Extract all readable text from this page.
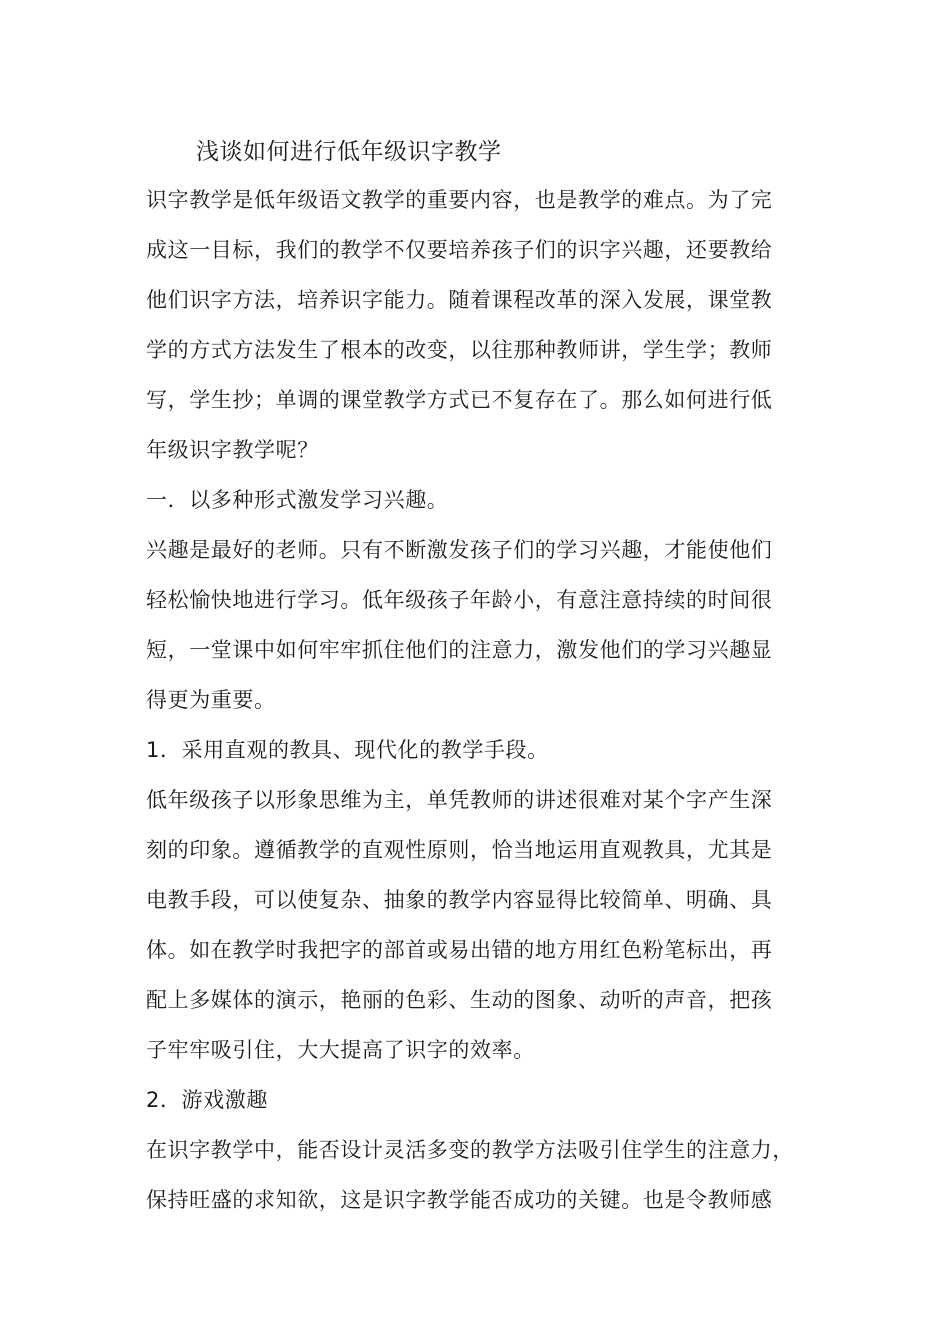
浅谈如何进行低年级识字教学
识字教学是低年级语文教学的重要内容，也是教学的难点。为了完
成这一目标，我们的教学不仅要培养孩子们的识字兴趣，还要教给
他们识字方法，培养识字能力。随着课程改革的深入发展，课堂教
学的方式方法发生了根本的改变，以往那种教师讲，学生学；教师
写，学生抄；单调的课堂教学方式已不复存在了。那么如何进行低
年级识字教学呢？
一．以多种形式激发学习兴趣。
兴趣是最好的老师。只有不断激发孩子们的学习兴趣，才能使他们
轻松愉快地进行学习。低年级孩子年龄小，有意注意持续的时间很
短，一堂课中如何牢牢抓住他们的注意力，激发他们的学习兴趣显
得更为重要。
1．采用直观的教具、现代化的教学手段。
低年级孩子以形象思维为主，单凭教师的讲述很难对某个字产生深
刻的印象。遵循教学的直观性原则，恰当地运用直观教具，尤其是
电教手段，可以使复杂、抽象的教学内容显得比较简单、明确、具
体。如在教学时我把字的部首或易出错的地方用红色粉笔标出，再
配上多媒体的演示，艳丽的色彩、生动的图象、动听的声音，把孩
子牢牢吸引住，大大提高了识字的效率。
2．游戏激趣
在识字教学中，能否设计灵活多变的教学方法吸引住学生的注意力，
保持旺盛的求知欲，这是识字教学能否成功的关键。也是令教师感
